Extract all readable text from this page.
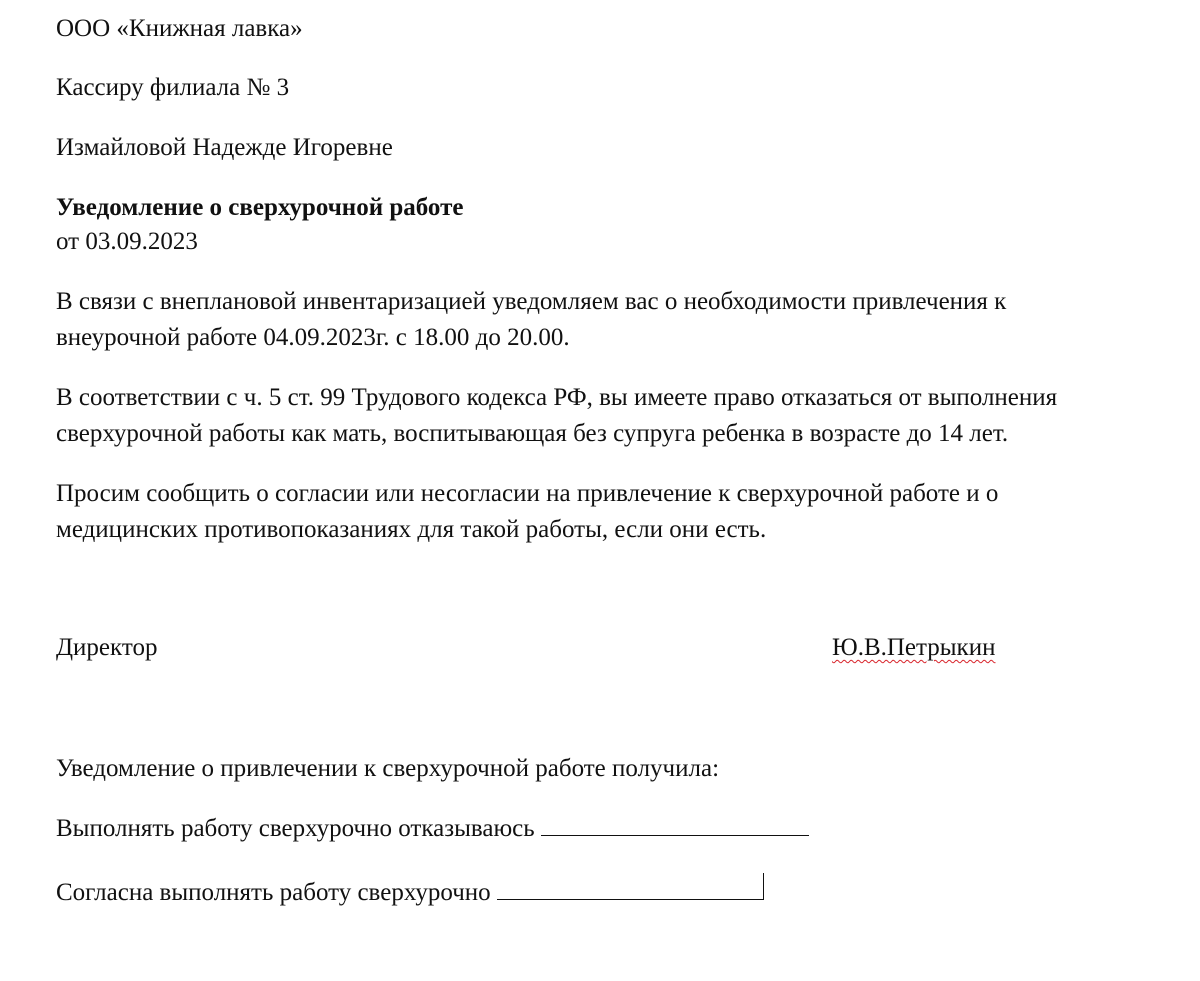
ООО «Книжная лавка»
Кассиру филиала № 3
Измайловой Надежде Игоревне
Уведомление о сверхурочной работе
от 03.09.2023
В связи с внеплановой инвентаризацией уведомляем вас о необходимости привлечения к
внеурочной работе 04.09.2023г. с 18.00 до 20.00.
В соответствии с ч. 5 ст. 99 Трудового кодекса РФ, вы имеете право отказаться от выполнения
сверхурочной работы как мать, воспитывающая без супруга ребенка в возрасте до 14 лет.
Просим сообщить о согласии или несогласии на привлечение к сверхурочной работе и о
медицинских противопоказаниях для такой работы, если они есть.
Директор	Ю.В.Петрыкин
Уведомление о привлечении к сверхурочной работе получила:
Выполнять работу сверхурочно отказываюсь
Согласна выполнять работу сверхурочно
